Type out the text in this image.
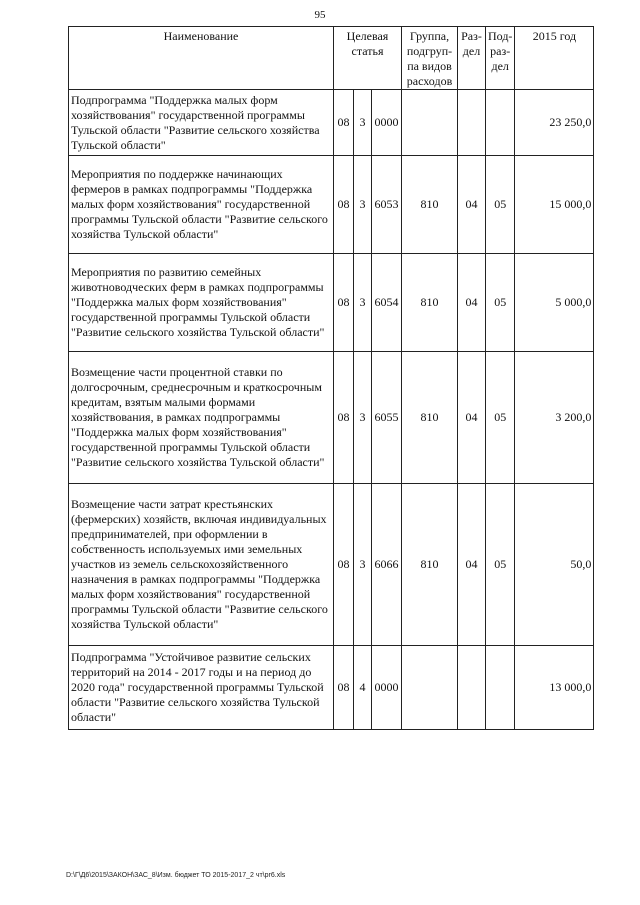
95
Наименование	Целевая статья			Группа, подгруп-па видов расходов	Раз-дел	Под-раз-дел	2015 год
Подпрограмма "Поддержка малых форм хозяйствования" государственной программы Тульской области "Развитие сельского хозяйства Тульской области"	08	3	0000				23 250,0
Мероприятия по поддержке начинающих фермеров в рамках подпрограммы "Поддержка малых форм хозяйствования" государственной программы Тульской области "Развитие сельского хозяйства Тульской области"	08	3	6053	810	04	05	15 000,0
Мероприятия по развитию семейных животноводческих ферм в рамках подпрограммы "Поддержка малых форм хозяйствования" государственной программы Тульской области "Развитие сельского хозяйства Тульской области"	08	3	6054	810	04	05	5 000,0
Возмещение части процентной ставки по долгосрочным, среднесрочным и краткосрочным кредитам, взятым малыми формами хозяйствования, в рамках подпрограммы "Поддержка малых форм хозяйствования" государственной программы Тульской области "Развитие сельского хозяйства Тульской области"	08	3	6055	810	04	05	3 200,0
Возмещение части затрат крестьянских (фермерских) хозяйств, включая индивидуальных предпринимателей, при оформлении в собственность используемых ими земельных участков из земель сельскохозяйственного назначения в рамках подпрограммы "Поддержка малых форм хозяйствования" государственной программы Тульской области "Развитие сельского хозяйства Тульской области"	08	3	6066	810	04	05	50,0
Подпрограмма "Устойчивое развитие сельских территорий на 2014 - 2017 годы и на период до 2020 года" государственной программы Тульской области "Развитие сельского хозяйства Тульской области"	08	4	0000				13 000,0
D:\Г\Д6\2015\ЗАКОН\ЗАС_8\Изм. бюджет ТО 2015-2017_2 чт\рr6.xls
